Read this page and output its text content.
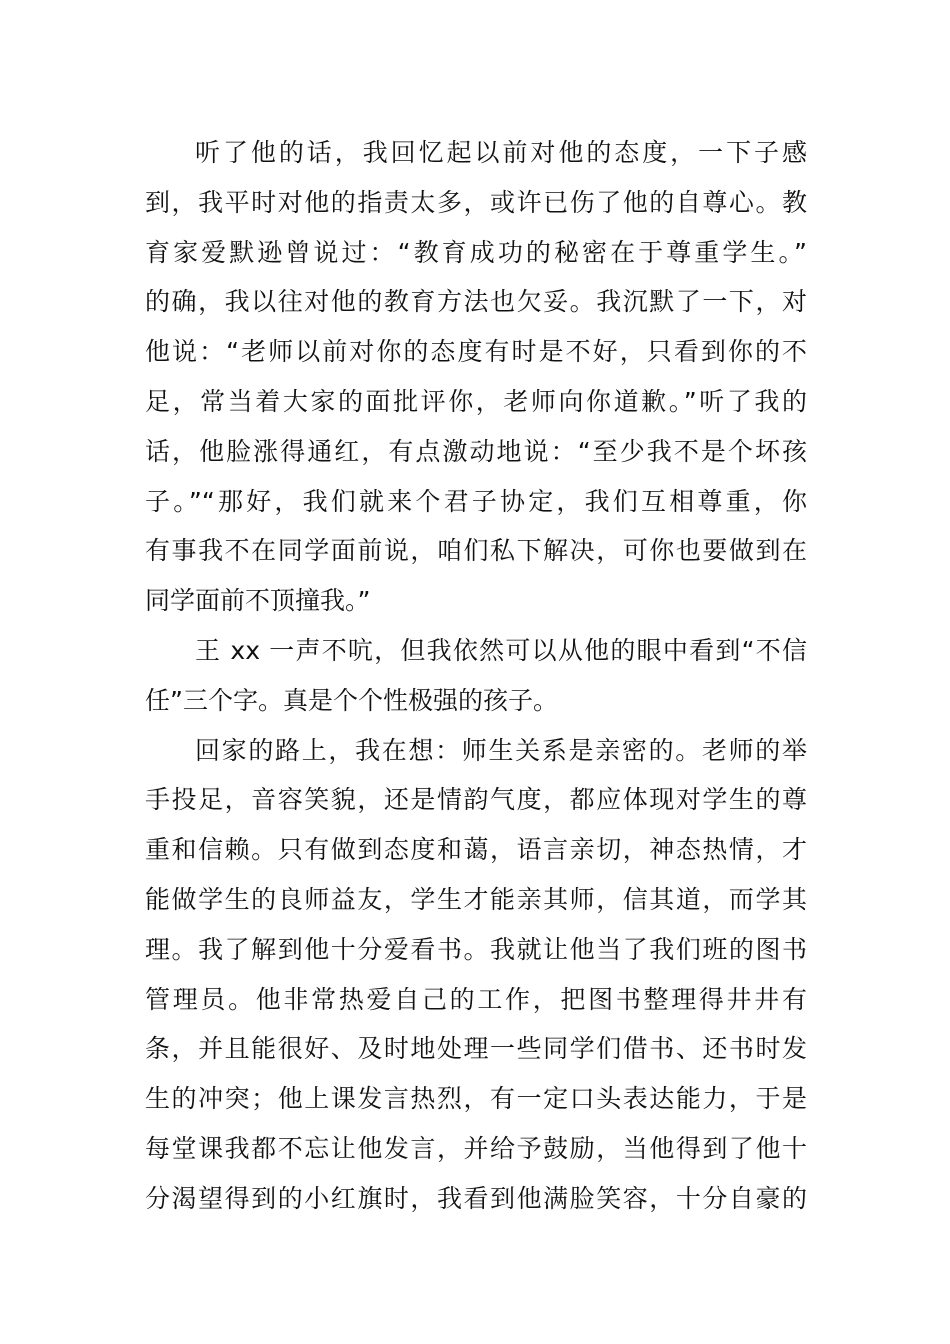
听了他的话，我回忆起以前对他的态度，一下子感
到，我平时对他的指责太多，或许已伤了他的自尊心。教
育家爱默逊曾说过：“教育成功的秘密在于尊重学生。”
的确，我以往对他的教育方法也欠妥。我沉默了一下，对
他说：“老师以前对你的态度有时是不好，只看到你的不
足，常当着大家的面批评你，老师向你道歉。”听了我的
话，他脸涨得通红，有点激动地说：“至少我不是个坏孩
子。”“那好，我们就来个君子协定，我们互相尊重，你
有事我不在同学面前说，咱们私下解决，可你也要做到在
同学面前不顶撞我。”
王 xx 一声不吭，但我依然可以从他的眼中看到“不信
任”三个字。真是个个性极强的孩子。
回家的路上，我在想：师生关系是亲密的。老师的举
手投足，音容笑貌，还是情韵气度，都应体现对学生的尊
重和信赖。只有做到态度和蔼，语言亲切，神态热情，才
能做学生的良师益友，学生才能亲其师，信其道，而学其
理。我了解到他十分爱看书。我就让他当了我们班的图书
管理员。他非常热爱自己的工作，把图书整理得井井有
条，并且能很好、及时地处理一些同学们借书、还书时发
生的冲突；他上课发言热烈，有一定口头表达能力，于是
每堂课我都不忘让他发言，并给予鼓励，当他得到了他十
分渴望得到的小红旗时，我看到他满脸笑容，十分自豪的
